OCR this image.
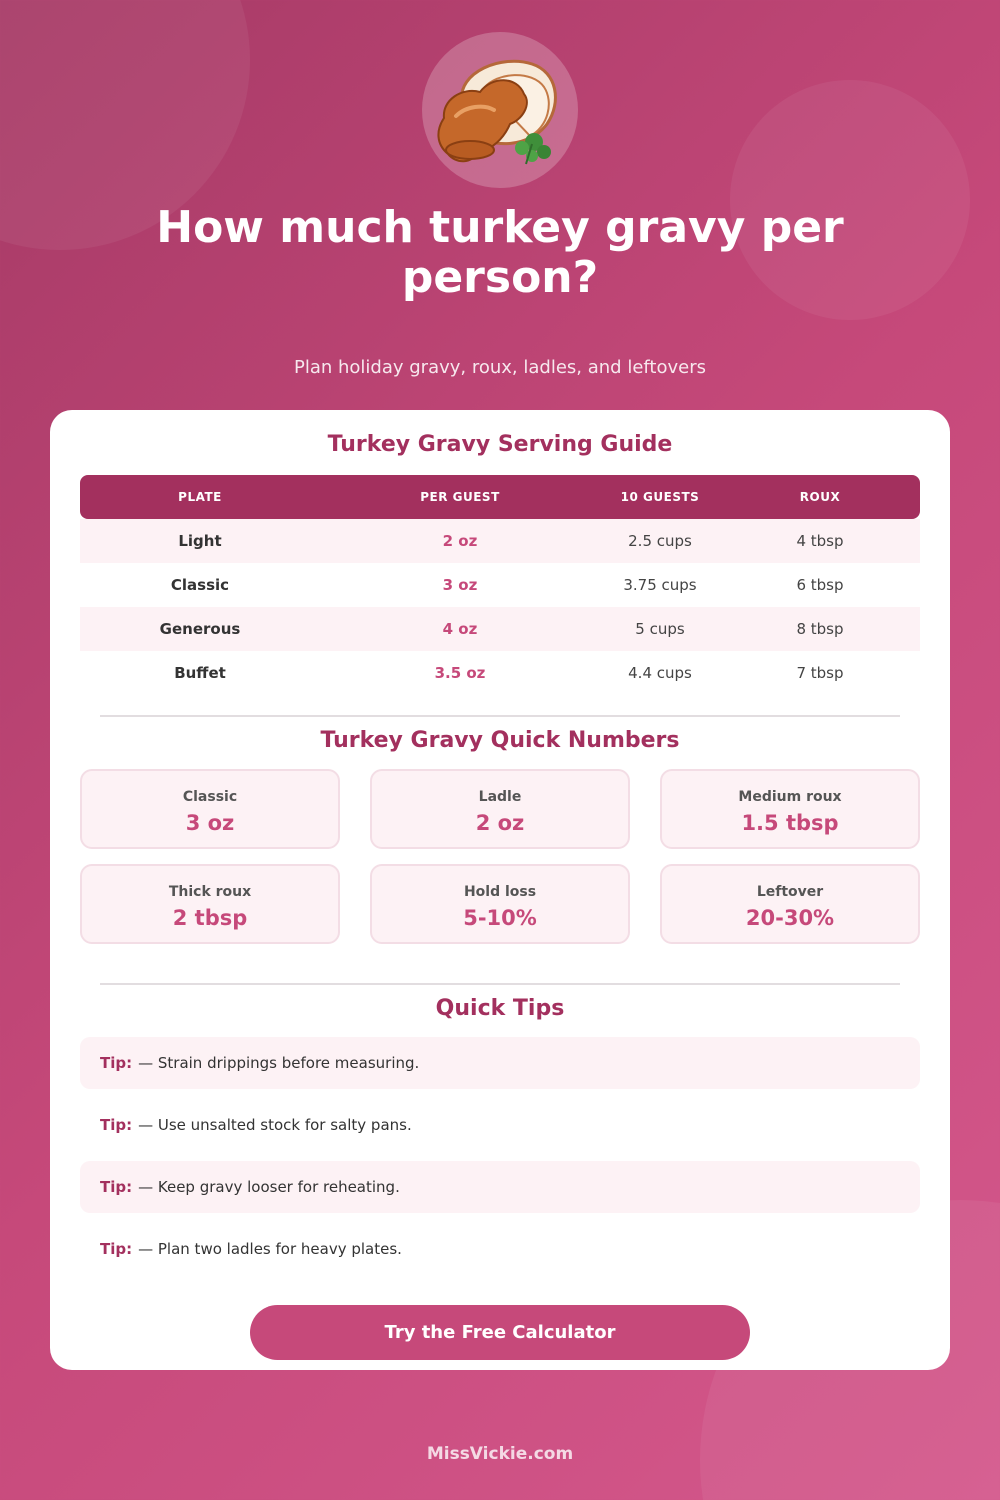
How much turkey gravy per person?

Plan holiday gravy, roux, ladles, and leftovers

Turkey Gravy Serving Guide
PLATE	PER GUEST	10 GUESTS	ROUX
Light	2 oz	2.5 cups	4 tbsp
Classic	3 oz	3.75 cups	6 tbsp
Generous	4 oz	5 cups	8 tbsp
Buffet	3.5 oz	4.4 cups	7 tbsp
Turkey Gravy Quick Numbers
Classic
3 oz
Ladle
2 oz
Medium roux
1.5 tbsp
Thick roux
2 tbsp
Hold loss
5-10%
Leftover
20-30%
Quick Tips
Tip: — Strain drippings before measuring.
Tip: — Use unsalted stock for salty pans.
Tip: — Keep gravy looser for reheating.
Tip: — Plan two ladles for heavy plates.
Try the Free Calculator
MissVickie.com
